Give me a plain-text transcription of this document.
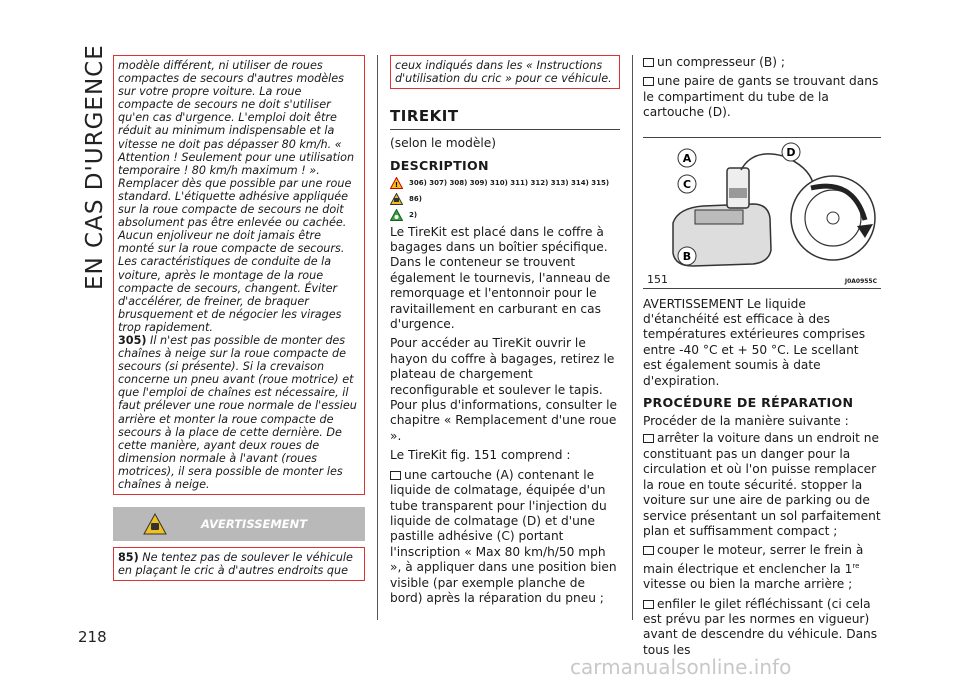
EN CAS D'URGENCE
218

modèle différent, ni utiliser de roues compactes de secours d'autres modèles sur votre propre voiture. La roue compacte de secours ne doit s'utiliser qu'en cas d'urgence. L'emploi doit être réduit au minimum indispensable et la vitesse ne doit pas dépasser 80 km/h. « Attention ! Seulement pour une utilisation temporaire ! 80 km/h maximum ! ». Remplacer dès que possible par une roue standard. L'étiquette adhésive appliquée sur la roue compacte de secours ne doit absolument pas être enlevée ou cachée. Aucun enjoliveur ne doit jamais être monté sur la roue compacte de secours. Les caractéristiques de conduite de la voiture, après le montage de la roue compacte de secours, changent. Éviter d'accélérer, de freiner, de braquer brusquement et de négocier les virages trop rapidement.

305) Il n'est pas possible de monter des chaînes à neige sur la roue compacte de secours (si présente). Si la crevaison concerne un pneu avant (roue motrice) et que l'emploi de chaînes est nécessaire, il faut prélever une roue normale de l'essieu arrière et monter la roue compacte de secours à la place de cette dernière. De cette manière, ayant deux roues de dimension normale à l'avant (roues motrices), il sera possible de monter les chaînes à neige.

AVERTISSEMENT
85) Ne tentez pas de soulever le véhicule en plaçant le cric à d'autres endroits que

ceux indiqués dans les « Instructions d'utilisation du cric » pour ce véhicule.

TIREKIT
(selon le modèle)
DESCRIPTION
! 306) 307) 308) 309) 310) 311) 312) 313) 314) 315)
86)
2)

Le TireKit est placé dans le coffre à bagages dans un boîtier spécifique. Dans le conteneur se trouvent également le tournevis, l'anneau de remorquage et l'entonnoir pour le ravitaillement en carburant en cas d'urgence.

Pour accéder au TireKit ouvrir le hayon du coffre à bagages, retirez le plateau de chargement reconfigurable et soulever le tapis. Pour plus d'informations, consulter le chapitre « Remplacement d'une roue ».

Le TireKit fig. 151 comprend :

une cartouche (A) contenant le liquide de colmatage, équipée d'un tube transparent pour l'injection du liquide de colmatage (D) et d'une pastille adhésive (C) portant l'inscription « Max 80 km/h/50 mph », à appliquer dans une position bien visible (par exemple planche de bord) après la réparation du pneu ;

un compresseur (B) ;

une paire de gants se trouvant dans le compartiment du tube de la cartouche (D).

A
C
B
D
151	J0A0955C

AVERTISSEMENT Le liquide d'étanchéité est efficace à des températures extérieures comprises entre -40 °C et + 50 °C. Le scellant est également soumis à date d'expiration.

PROCÉDURE DE RÉPARATION

Procéder de la manière suivante :

arrêter la voiture dans un endroit ne constituant pas un danger pour la circulation et où l'on puisse remplacer la roue en toute sécurité. stopper la voiture sur une aire de parking ou de service présentant un sol parfaitement plan et suffisamment compact ;

couper le moteur, serrer le frein à main électrique et enclencher la 1re vitesse ou bien la marche arrière ;

enfiler le gilet réfléchissant (ci cela est prévu par les normes en vigueur) avant de descendre du véhicule. Dans tous les

carmanualsonline.info
